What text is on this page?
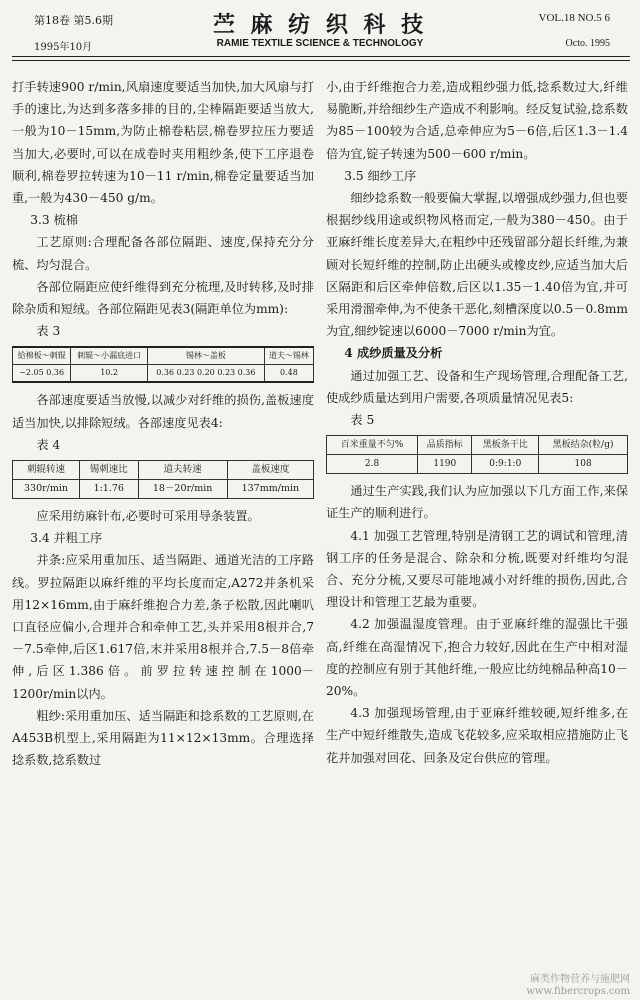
第18卷 第5.6期
1995年10月
苎 麻 纺 织 科 技
RAMIE TEXTILE SCIENCE & TECHNOLOGY
VOL.18 NO.5 6
Octo. 1995

打手转速900 r/min,风扇速度要适当加快,加大风扇与打手的速比,为达到多落多排的目的,尘棒隔距要适当放大,一般为10－15mm,为防止棉卷粘层,棉卷罗拉压力要适当加大,必要时,可以在成卷时夹用粗纱条,使下工序退卷顺利,棉卷罗拉转速为10－11 r/min,棉卷定量要适当加重,一般为430－450 g/m。

3.3 梳棉

工艺原则:合理配备各部位隔距、速度,保持充分分梳、均匀混合。

各部位隔距应使纤维得到充分梳理,及时转移,及时排除杂质和短绒。各部位隔距见表3(隔距单位为mm):

表 3

給棉板～刺辊	刺辊～小漏底进口	锡林～盖板	道夫～锡林
~2.05 0.36	10.2	0.36 0.23 0.20 0.23 0.36	0.48

各部速度要适当放慢,以减少对纤维的损伤,盖板速度适当加快,以排除短绒。各部速度见表4:

表 4

刺辊转速	锡刺速比	道夫转速	盖板速度
330r/min	1:1.76	18－20r/min	137mm/min

应采用纺麻针布,必要时可采用导条装置。

3.4 并粗工序

并条:应采用重加压、适当隔距、通道光洁的工序路线。罗拉隔距以麻纤维的平均长度而定,A272并条机采用12×16mm,由于麻纤维抱合力差,条子松散,因此喇叭口直径应偏小,合理并合和牵伸工艺,头并采用8根并合,7－7.5牵伸,后区1.617倍,末并采用8根并合,7.5－8倍牵伸,后区1.386倍。前罗拉转速控制在1000－1200r/min以内。

粗纱:采用重加压、适当隔距和捻系数的工艺原则,在A453B机型上,采用隔距为11×12×13mm。合理选择捻系数,捻系数过

小,由于纤维抱合力差,造成粗纱强力低,捻系数过大,纤维易脆断,并给细纱生产造成不利影响。经反复试验,捻系数为85－100较为合适,总牵伸应为5－6倍,后区1.3－1.4倍为宜,锭子转速为500－600 r/min。

3.5 细纱工序

细纱捻系数一般要偏大掌握,以增强成纱强力,但也要根据纱线用途或织物风格而定,一般为380－450。由于亚麻纤维长度差异大,在粗纱中还残留部分超长纤维,为兼顾对长短纤维的控制,防止出硬头或橡皮纱,应适当加大后区隔距和后区牵伸倍数,后区以1.35－1.40倍为宜,并可采用滑溜牵伸,为不使条干恶化,刻槽深度以0.5－0.8mm为宜,细纱锭速以6000－7000 r/min为宜。

4 成纱质量及分析

通过加强工艺、设备和生产现场管理,合理配备工艺,使成纱质量达到用户需要,各项质量情况见表5:

表 5

百米重量不匀%	品质指标	黑板条干比	黑板结杂(粒/g)
2.8	1190	0:9:1:0	108

通过生产实践,我们认为应加强以下几方面工作,来保证生产的顺利进行。

4.1 加强工艺管理,特别是清钢工艺的调试和管理,清钢工序的任务是混合、除杂和分梳,既要对纤维均匀混合、充分分梳,又要尽可能地减小对纤维的损伤,因此,合理设计和管理工艺最为重要。

4.2 加强温湿度管理。由于亚麻纤维的湿强比干强高,纤维在高湿情况下,抱合力较好,因此在生产中相对湿度的控制应有别于其他纤维,一般应比纺纯棉品种高10－20%。

4.3 加强现场管理,由于亚麻纤维较硬,短纤维多,在生产中短纤维散失,造成飞花较多,应采取相应措施防止飞花并加强对回花、回条及定台供应的管理。

麻类作物营养与施肥网
www.fibercrops.com
